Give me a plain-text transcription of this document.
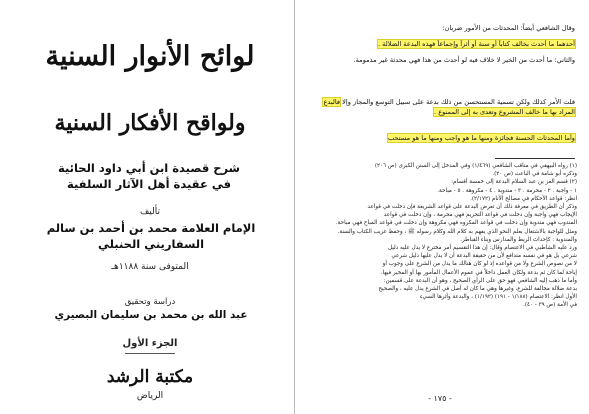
لوائح الأنوار السنية
ولواقح الأفكار السنية
شرح قصيدة ابن أبي داود الحائية
في عقيدة أهل الآثار السلفية
تأليف
الإمام العلامة محمد بن أحمد بن سالم
السفاريني الحنبلي
المتوفى سنة ١١٨٨هـ
دراسة وتحقيق
عبد الله بن محمد بن سليمان البصيري
الجزء الأول
مكتبة الرشد
الرياض
وقال الشافعي أيضاً: المحدثات من الأمور ضربان:
أحدهما ما أحدث بخالف كتاباً أو سنة أو أثراً وإجماعاً فهذه البدعة الضلالة .
والثاني: ما أحدث من الخير لا خلاف فيه لو أحدث من هذا فهي محدثة غير مذمومة.
قلت الأمر كذلك ولكن تسمية المستحسن من ذلك بدعة على سبيل التوسع والمجاز وإلا فالبدع المراد بها ما خالف المشروع وتعدى به إلى الممنوع .
وأما المحدثات الحسنة فجائزة ومنها ما هو واجب ومنها ما هو مستحب
(١) رواه البيهقي في مناقب الشافعي (١/٤٦٩) وفي المدخل إلى السنن الكبرى (ص ٢٠٦)
وذكره أبو شامة في الباعث (ص ٢٠).
(٢) قسم العز بن عبد السلام البدعة إلى خمسة أقسام:
١ - واجبة . ٢ - محرمة . ٣ - مندوبة . ٤ - مكروهة . ٥ - مباحة.
انظر: قواعد الأحكام في مصالح الأنام (٢/١٧٢).
وذكر أن الطريق في معرفة ذلك أن تعرض البدعة على قواعد الشريعة فإن دخلت في قواعد
الإيجاب فهي واجبة وإن دخلت في قواعد التحريم فهي محرمة ، وإن دخلت في قواعد
المندوب فهي مندوبة وإن دخلت في قواعد المكروه فهي مكروهة وإن دخلت في قواعد المباح فهي مباحة.
ومثل للواجبة بالاشتغال بعلم النحو الذي يفهم به كلام الله وكلام رسوله ﷺ ، وحفظ غريب الكتاب والسنة.
والمندوبة : كإحداث الربط والمدارس وبناء القناطر.
ورد عليه الشاطبي في الاعتصام وقال: إن هذا التقسيم أمر مخترع لا يدل عليه دليل
شرعي بل هو في نفسه متدافع لأن من حقيقة البدعة أن لا يدل عليها دليل شرعي
لا من نصوص الشرع ولا من قواعده إذ لو كان هنالك ما يدل من الشرع على وجوب أو
إباحة لما كان ثم بدعة ولكان العمل داخلاً في عموم الأعمال المأمور بها أو المخير فيها.
وأما ما ذهب إليه الشافعي فهو حق على الرأي الصحيح ، وهو أن البدعة على قسمين:
بدعة ضلالة مخالفة للشرع، وغيرها وهي ما كان له أصل في الشرع يدل عليه ، والصحيح
الأول انظر: الاعتصام (١/١٨٨ - ١٩١) (١/١٩٢) ، والبدعة وأثرها السيء
في الأمة (ص ٣٩ - ٤٠).
- ١٧٥ -
